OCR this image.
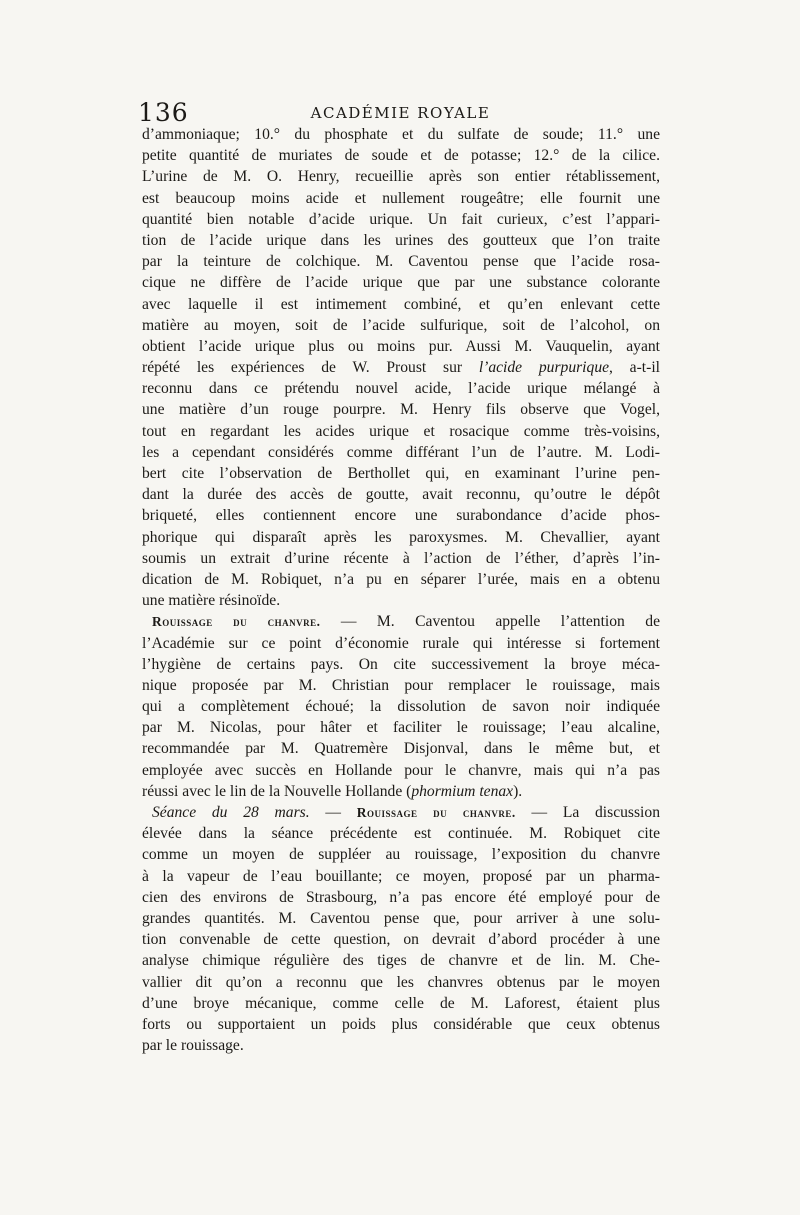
136	ACADÉMIE ROYALE
d’ammoniaque; 10.° du phosphate et du sulfate de soude; 11.° une
petite quantité de muriates de soude et de potasse; 12.° de la cilice.
L’urine de M. O. Henry, recueillie après son entier rétablissement,
est beaucoup moins acide et nullement rougeâtre; elle fournit une
quantité bien notable d’acide urique. Un fait curieux, c’est l’appari-
tion de l’acide urique dans les urines des goutteux que l’on traite
par la teinture de colchique. M. Caventou pense que l’acide rosa-
cique ne diffère de l’acide urique que par une substance colorante
avec laquelle il est intimement combiné, et qu’en enlevant cette
matière au moyen, soit de l’acide sulfurique, soit de l’alcohol, on
obtient l’acide urique plus ou moins pur. Aussi M. Vauquelin, ayant
répété les expériences de W. Proust sur l’acide purpurique, a-t-il
reconnu dans ce prétendu nouvel acide, l’acide urique mélangé à
une matière d’un rouge pourpre. M. Henry fils observe que Vogel,
tout en regardant les acides urique et rosacique comme très-voisins,
les a cependant considérés comme différant l’un de l’autre. M. Lodi-
bert cite l’observation de Berthollet qui, en examinant l’urine pen-
dant la durée des accès de goutte, avait reconnu, qu’outre le dépôt
briqueté, elles contiennent encore une surabondance d’acide phos-
phorique qui disparaît après les paroxysmes. M. Chevallier, ayant
soumis un extrait d’urine récente à l’action de l’éther, d’après l’in-
dication de M. Robiquet, n’a pu en séparer l’urée, mais en a obtenu
une matière résinoïde.
Rouissage du chanvre. — M. Caventou appelle l’attention de
l’Académie sur ce point d’économie rurale qui intéresse si fortement
l’hygiène de certains pays. On cite successivement la broye méca-
nique proposée par M. Christian pour remplacer le rouissage, mais
qui a complètement échoué; la dissolution de savon noir indiquée
par M. Nicolas, pour hâter et faciliter le rouissage; l’eau alcaline,
recommandée par M. Quatremère Disjonval, dans le même but, et
employée avec succès en Hollande pour le chanvre, mais qui n’a pas
réussi avec le lin de la Nouvelle Hollande (phormium tenax).
Séance du 28 mars. — Rouissage du chanvre. — La discussion
élevée dans la séance précédente est continuée. M. Robiquet cite
comme un moyen de suppléer au rouissage, l’exposition du chanvre
à la vapeur de l’eau bouillante; ce moyen, proposé par un pharma-
cien des environs de Strasbourg, n’a pas encore été employé pour de
grandes quantités. M. Caventou pense que, pour arriver à une solu-
tion convenable de cette question, on devrait d’abord procéder à une
analyse chimique régulière des tiges de chanvre et de lin. M. Che-
vallier dit qu’on a reconnu que les chanvres obtenus par le moyen
d’une broye mécanique, comme celle de M. Laforest, étaient plus
forts ou supportaient un poids plus considérable que ceux obtenus
par le rouissage.
